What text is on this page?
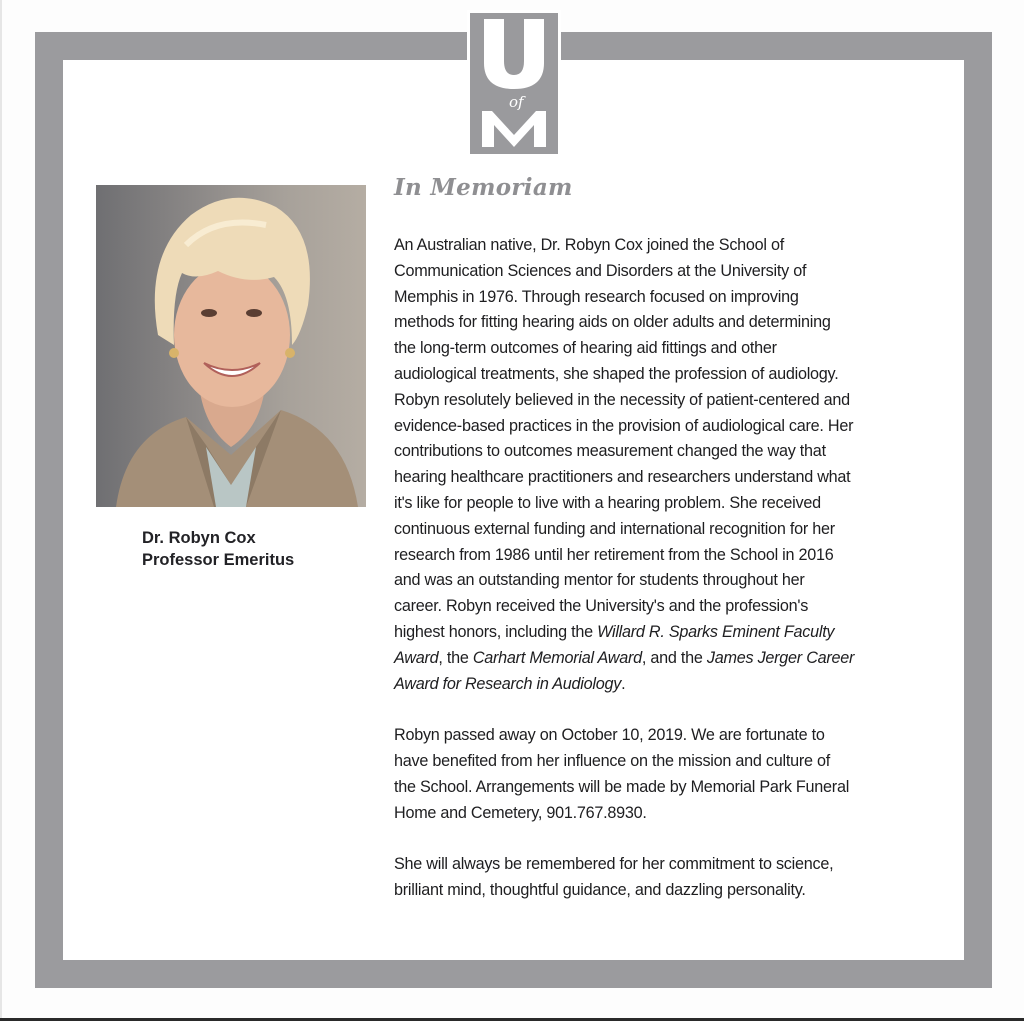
of
Dr. Robyn Cox
Professor Emeritus
In Memoriam

An Australian native, Dr. Robyn Cox joined the School of
Communication Sciences and Disorders at the University of
Memphis in 1976. Through research focused on improving
methods for fitting hearing aids on older adults and determining
the long-term outcomes of hearing aid fittings and other
audiological treatments, she shaped the profession of audiology.
Robyn resolutely believed in the necessity of patient-centered and
evidence-based practices in the provision of audiological care. Her
contributions to outcomes measurement changed the way that
hearing healthcare practitioners and researchers understand what
it's like for people to live with a hearing problem. She received
continuous external funding and international recognition for her
research from 1986 until her retirement from the School in 2016
and was an outstanding mentor for students throughout her
career. Robyn received the University's and the profession's
highest honors, including the Willard R. Sparks Eminent Faculty
Award, the Carhart Memorial Award, and the James Jerger Career
Award for Research in Audiology.

Robyn passed away on October 10, 2019. We are fortunate to
have benefited from her influence on the mission and culture of
the School. Arrangements will be made by Memorial Park Funeral
Home and Cemetery, 901.767.8930.

She will always be remembered for her commitment to science,
brilliant mind, thoughtful guidance, and dazzling personality.
